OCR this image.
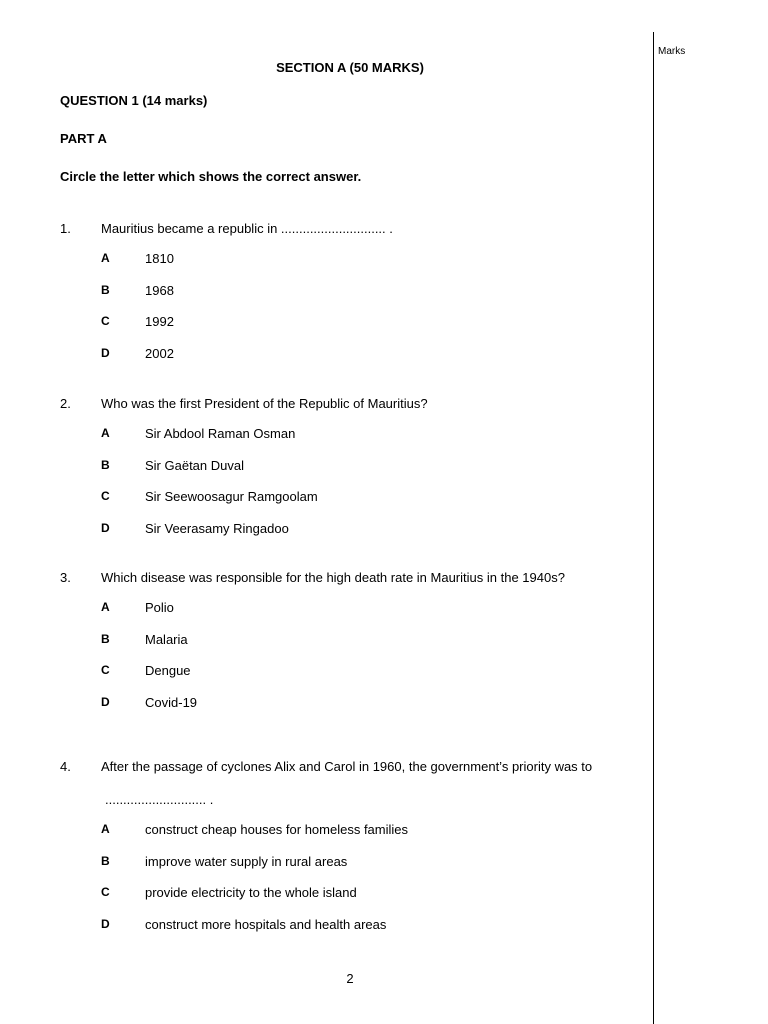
Marks
SECTION A (50 MARKS)
QUESTION 1 (14 marks)
PART A
Circle the letter which shows the correct answer.
1. Mauritius became a republic in ............................. .
A	1810
B	1968
C	1992
D	2002
2. Who was the first President of the Republic of Mauritius?
A	Sir Abdool Raman Osman
B	Sir Gaëtan Duval
C	Sir Seewoosagur Ramgoolam
D	Sir Veerasamy Ringadoo
3. Which disease was responsible for the high death rate in Mauritius in the 1940s?
A	Polio
B	Malaria
C	Dengue
D	Covid-19
4. After the passage of cyclones Alix and Carol in 1960, the government’s priority was to
............................ .
A	construct cheap houses for homeless families
B	improve water supply in rural areas
C	provide electricity to the whole island
D	construct more hospitals and health areas
2
